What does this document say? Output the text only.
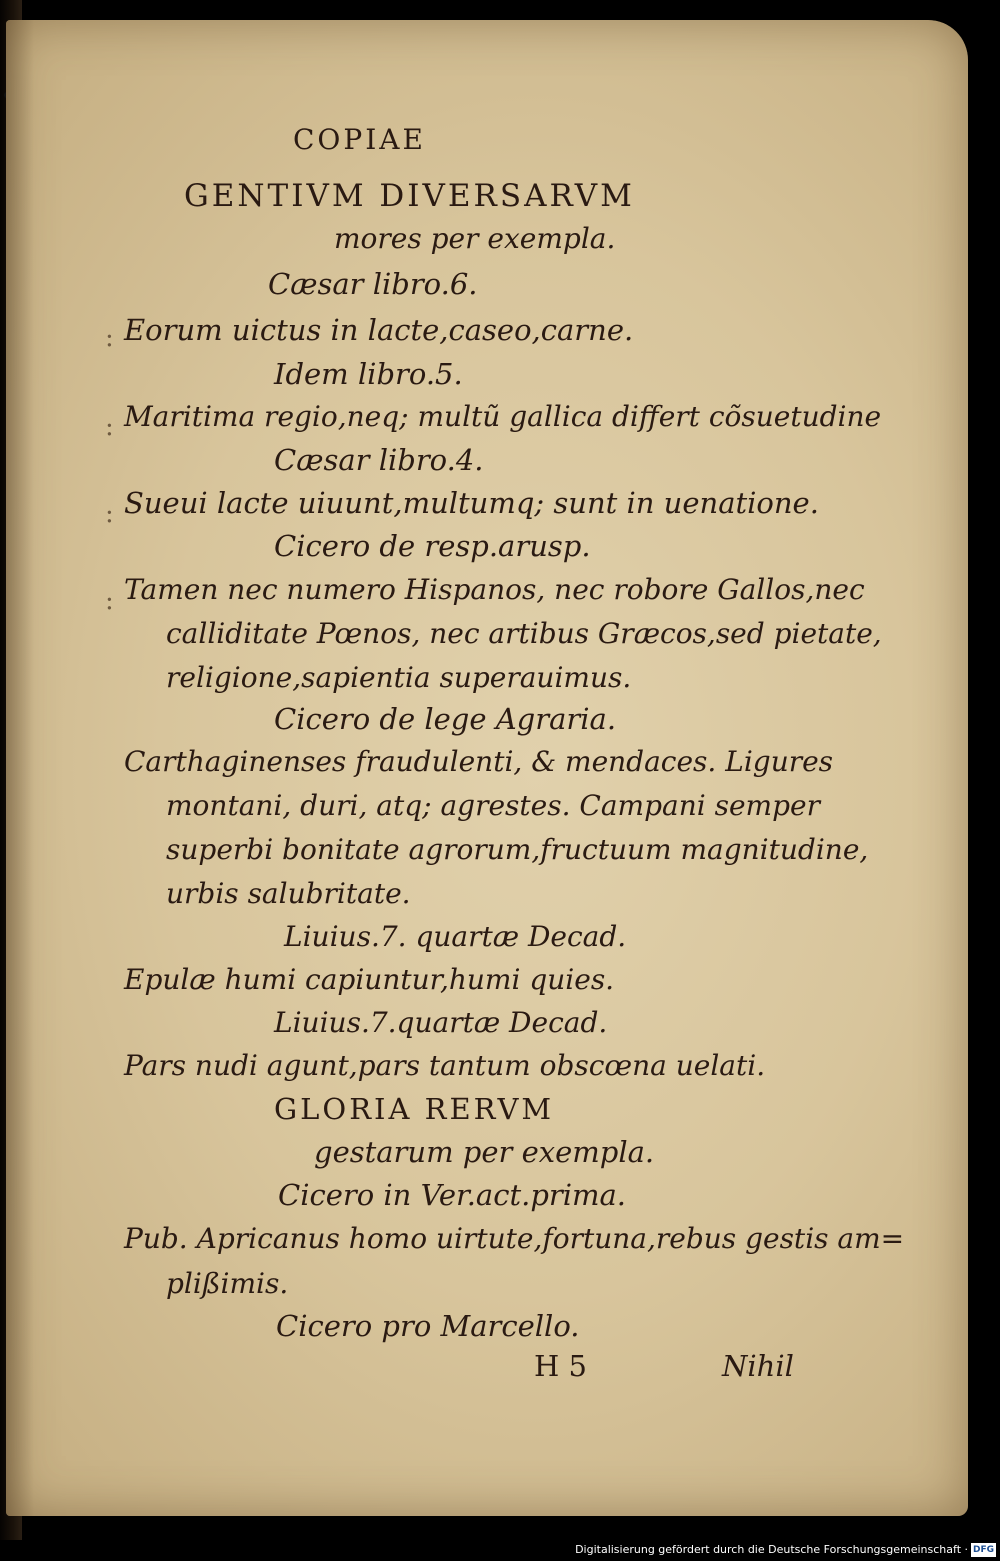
COPIAE
GENTIVM DIVERSARVM
mores per exempla.
Cæsar libro.6.
: Eorum uictus in lacte,caseo,carne.
Idem libro.5.
: Maritima regio,neq; multũ gallica differt cõsuetudine
Cæsar libro.4.
: Sueui lacte uiuunt,multumq; sunt in uenatione.
Cicero de resp.arusp.
: Tamen nec numero Hispanos, nec robore Gallos,nec
calliditate Pœnos, nec artibus Græcos,sed pietate,
religione,sapientia superauimus.
Cicero de lege Agraria.
Carthaginenses fraudulenti, & mendaces. Ligures
montani, duri, atq; agrestes. Campani semper
superbi bonitate agrorum,fructuum magnitudine,
urbis salubritate.
Liuius.7. quartæ Decad.
Epulæ humi capiuntur,humi quies.
Liuius.7.quartæ Decad.
Pars nudi agunt,pars tantum obscœna uelati.
GLORIA RERVM
gestarum per exempla.
Cicero in Ver.act.prima.
Pub. Apricanus homo uirtute,fortuna,rebus gestis am=
plißimis.
Cicero pro Marcello.
H 5	Nihil
Digitalisierung gefördert durch die Deutsche Forschungsgemeinschaft · DFG
